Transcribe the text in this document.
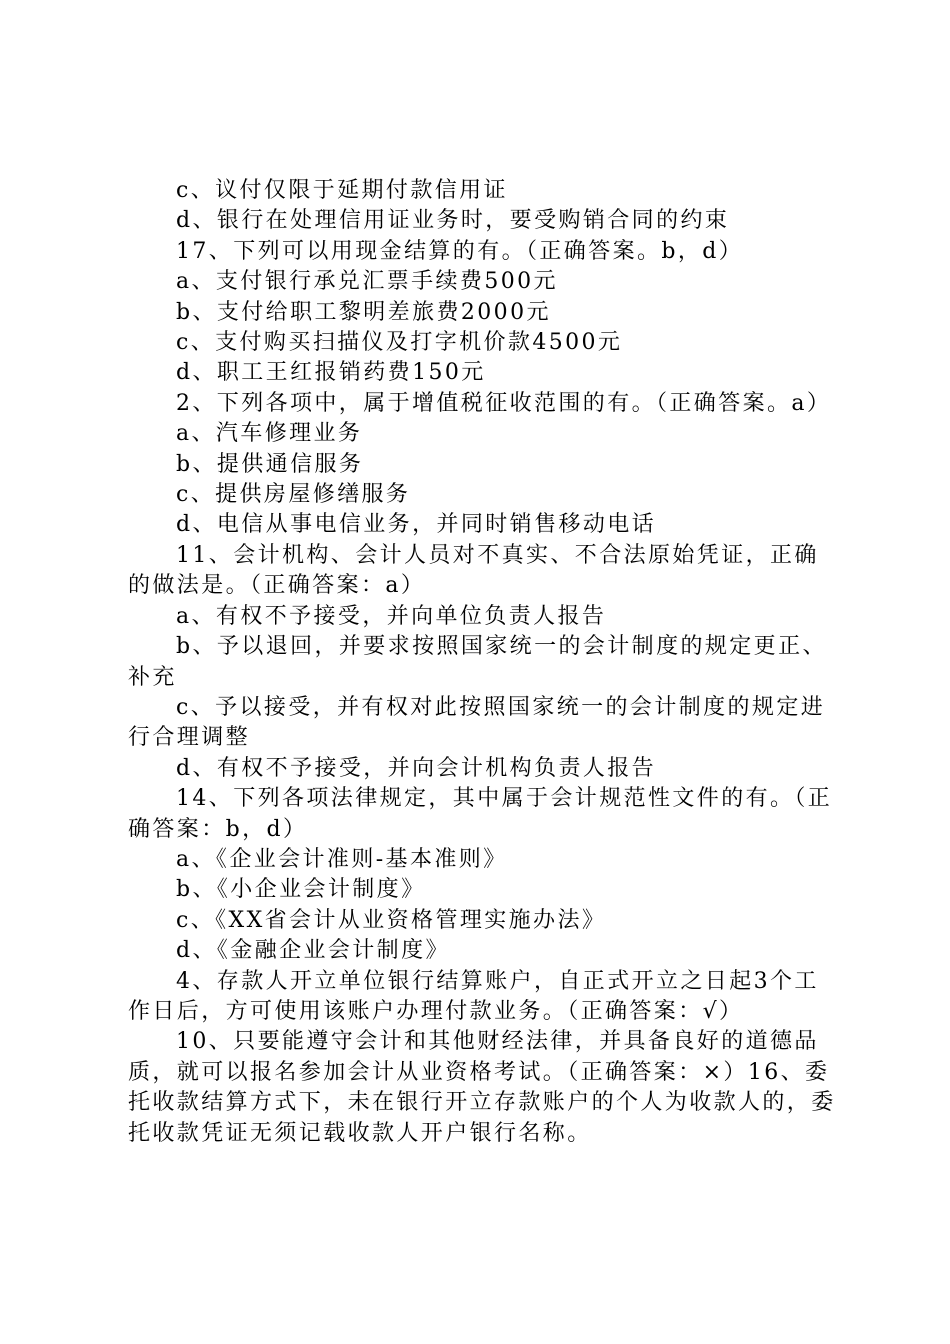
c、议付仅限于延期付款信用证

d、银行在处理信用证业务时，要受购销合同的约束

17、下列可以用现金结算的有。（正确答案。b，d）

a、支付银行承兑汇票手续费500元

b、支付给职工黎明差旅费2000元

c、支付购买扫描仪及打字机价款4500元

d、职工王红报销药费150元

2、下列各项中，属于增值税征收范围的有。（正确答案。a）

a、汽车修理业务

b、提供通信服务

c、提供房屋修缮服务

d、电信从事电信业务，并同时销售移动电话

11、会计机构、会计人员对不真实、不合法原始凭证，正确的做法是。（正确答案：a）

a、有权不予接受，并向单位负责人报告

b、予以退回，并要求按照国家统一的会计制度的规定更正、补充

c、予以接受，并有权对此按照国家统一的会计制度的规定进行合理调整

d、有权不予接受，并向会计机构负责人报告

14、下列各项法律规定，其中属于会计规范性文件的有。（正确答案：b，d）

a、《企业会计准则-基本准则》

b、《小企业会计制度》

c、《XX省会计从业资格管理实施办法》

d、《金融企业会计制度》

4、存款人开立单位银行结算账户，自正式开立之日起3个工作日后，方可使用该账户办理付款业务。（正确答案：√）

10、只要能遵守会计和其他财经法律，并具备良好的道德品质，就可以报名参加会计从业资格考试。（正确答案：×）16、委托收款结算方式下，未在银行开立存款账户的个人为收款人的，委托收款凭证无须记载收款人开户银行名称。
